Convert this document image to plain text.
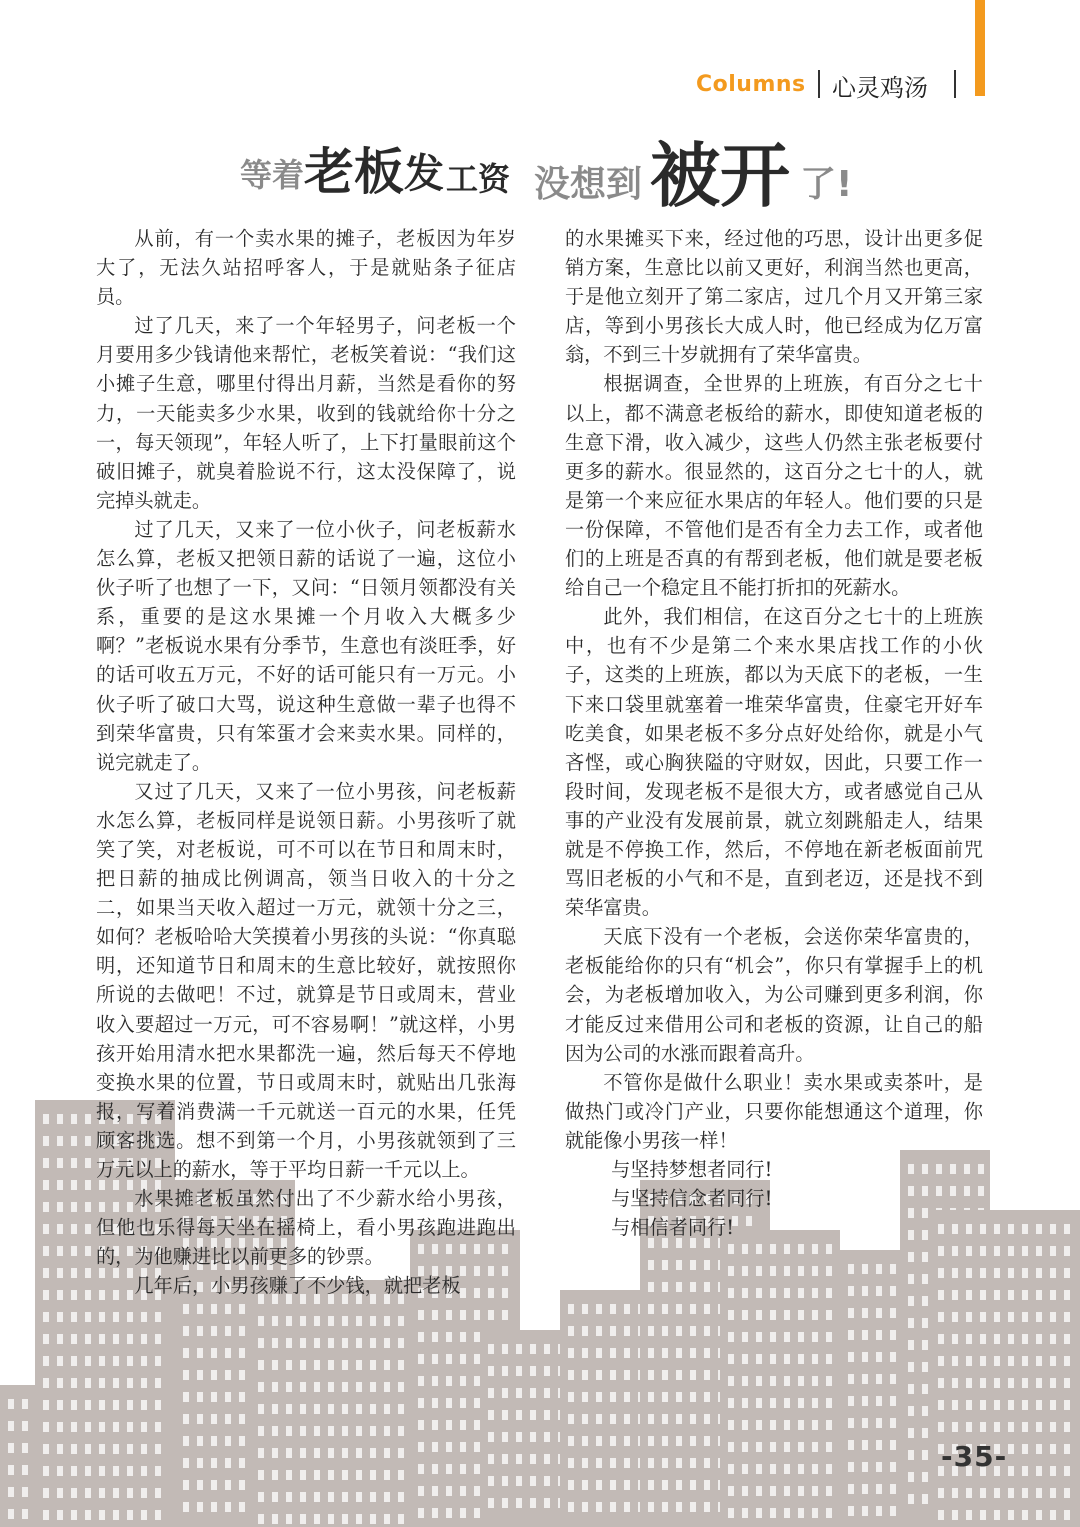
Columns 心灵鸡汤
等着 老板 发 工资 没想到 被开 了!

从前，有一个卖水果的摊子，老板因为年岁大了，无法久站招呼客人，于是就贴条子征店员。

过了几天，来了一个年轻男子，问老板一个月要用多少钱请他来帮忙，老板笑着说：“我们这小摊子生意，哪里付得出月薪，当然是看你的努力，一天能卖多少水果，收到的钱就给你十分之一，每天领现”，年轻人听了，上下打量眼前这个破旧摊子，就臭着脸说不行，这太没保障了，说完掉头就走。

过了几天，又来了一位小伙子，问老板薪水怎么算，老板又把领日薪的话说了一遍，这位小伙子听了也想了一下，又问：“日领月领都没有关系，重要的是这水果摊一个月收入大概多少啊？”老板说水果有分季节，生意也有淡旺季，好的话可收五万元，不好的话可能只有一万元。小伙子听了破口大骂，说这种生意做一辈子也得不到荣华富贵，只有笨蛋才会来卖水果。同样的，说完就走了。

又过了几天，又来了一位小男孩，问老板薪水怎么算，老板同样是说领日薪。小男孩听了就笑了笑，对老板说，可不可以在节日和周末时，把日薪的抽成比例调高，领当日收入的十分之二，如果当天收入超过一万元，就领十分之三，如何？老板哈哈大笑摸着小男孩的头说：“你真聪明，还知道节日和周末的生意比较好，就按照你所说的去做吧！不过，就算是节日或周末，营业收入要超过一万元，可不容易啊！”就这样，小男孩开始用清水把水果都洗一遍，然后每天不停地变换水果的位置，节日或周末时，就贴出几张海报，写着消费满一千元就送一百元的水果，任凭顾客挑选。想不到第一个月，小男孩就领到了三万元以上的薪水，等于平均日薪一千元以上。

水果摊老板虽然付出了不少薪水给小男孩，但他也乐得每天坐在摇椅上，看小男孩跑进跑出的，为他赚进比以前更多的钞票。

几年后，小男孩赚了不少钱，就把老板

的水果摊买下来，经过他的巧思，设计出更多促销方案，生意比以前又更好，利润当然也更高，于是他立刻开了第二家店，过几个月又开第三家店，等到小男孩长大成人时，他已经成为亿万富翁，不到三十岁就拥有了荣华富贵。

根据调查，全世界的上班族，有百分之七十以上，都不满意老板给的薪水，即使知道老板的生意下滑，收入减少，这些人仍然主张老板要付更多的薪水。很显然的，这百分之七十的人，就是第一个来应征水果店的年轻人。他们要的只是一份保障，不管他们是否有全力去工作，或者他们的上班是否真的有帮到老板，他们就是要老板给自己一个稳定且不能打折扣的死薪水。

此外，我们相信，在这百分之七十的上班族中，也有不少是第二个来水果店找工作的小伙子，这类的上班族，都以为天底下的老板，一生下来口袋里就塞着一堆荣华富贵，住豪宅开好车吃美食，如果老板不多分点好处给你，就是小气吝悭，或心胸狭隘的守财奴，因此，只要工作一段时间，发现老板不是很大方，或者感觉自己从事的产业没有发展前景，就立刻跳船走人，结果就是不停换工作，然后，不停地在新老板面前咒骂旧老板的小气和不是，直到老迈，还是找不到荣华富贵。

天底下没有一个老板，会送你荣华富贵的，老板能给你的只有“机会”，你只有掌握手上的机会，为老板增加收入，为公司赚到更多利润，你才能反过来借用公司和老板的资源，让自己的船因为公司的水涨而跟着高升。

不管你是做什么职业！卖水果或卖茶叶，是做热门或冷门产业，只要你能想通这个道理，你就能像小男孩一样！

与坚持梦想者同行!

与坚持信念者同行!

与相信者同行!

-35-
